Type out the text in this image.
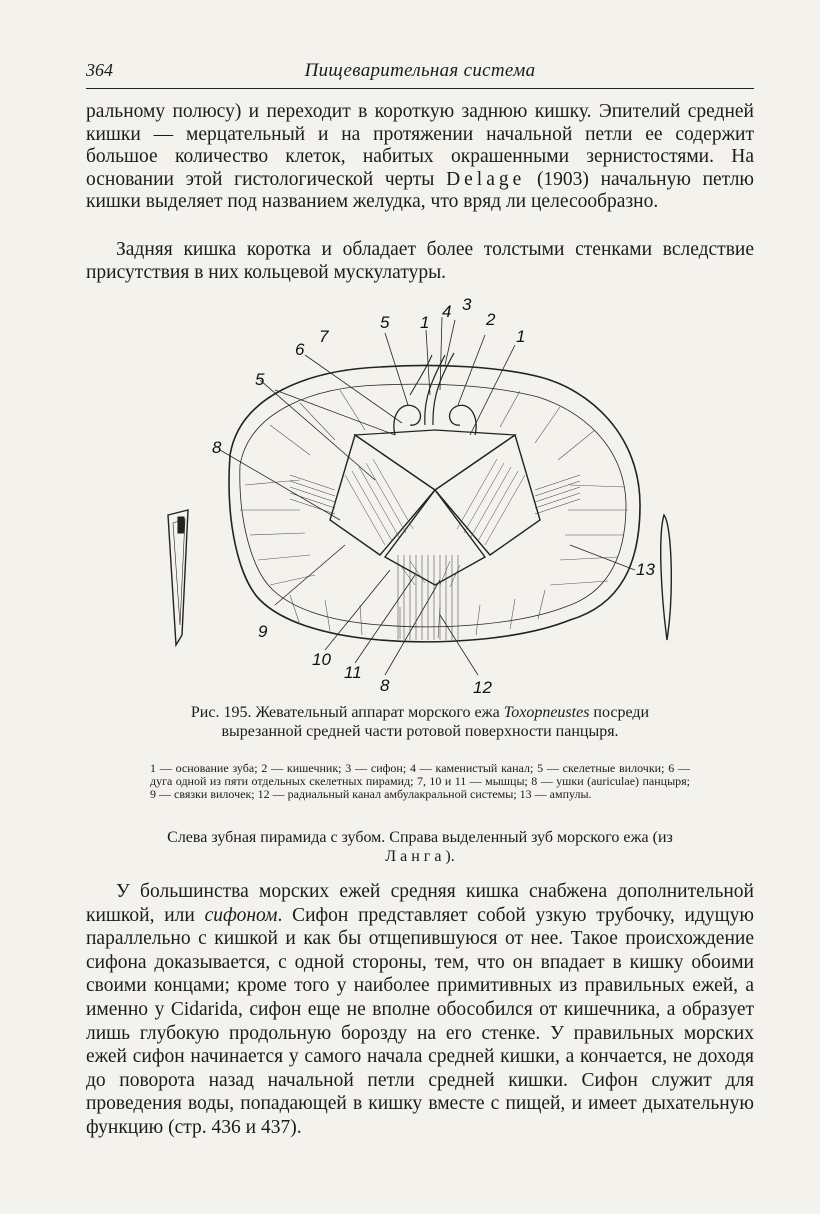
364	Пищеварительная система
ральному полюсу) и переходит в короткую заднюю кишку. Эпителий средней кишки — мерцательный и на протяжении начальной петли ее содержит большое количество клеток, набитых окрашенными зернистостями. На основании этой гистологической черты Delage (1903) начальную петлю кишки выделяет под названием желудка, что вряд ли целесообразно.
Задняя кишка коротка и обладает более толстыми стенками вследствие присутствия в них кольцевой мускулатуры.
8
5
6
7
5 1
4 3
2
1
9
10
11
8	12
13
Рис. 195. Жевательный аппарат морского ежа Toxopneustes посреди вырезанной средней части ротовой поверхности панцыря.
1 — основание зуба; 2 — кишечник; 3 — сифон; 4 — каменистый канал; 5 — скелетные вилочки; 6 — дуга одной из пяти отдельных скелетных пирамид; 7, 10 и 11 — мышцы; 8 — ушки (auriculae) панцыря; 9 — связки вилочек; 12 — радиальный канал амбулакральной системы; 13 — ампулы.
Слева зубная пирамида с зубом. Справа выделенный зуб морского ежа (из Ланга).
У большинства морских ежей средняя кишка снабжена дополнительной кишкой, или сифоном. Сифон представляет собой узкую трубочку, идущую параллельно с кишкой и как бы отщепившуюся от нее. Такое происхождение сифона доказывается, с одной стороны, тем, что он впадает в кишку обоими своими концами; кроме того у наиболее примитивных из правильных ежей, а именно у Cidarida, сифон еще не вполне обособился от кишечника, а образует лишь глубокую продольную борозду на его стенке. У правильных морских ежей сифон начинается у самого начала средней кишки, а кончается, не доходя до поворота назад начальной петли средней кишки. Сифон служит для проведения воды, попадающей в кишку вместе с пищей, и имеет дыхательную функцию (стр. 436 и 437).
